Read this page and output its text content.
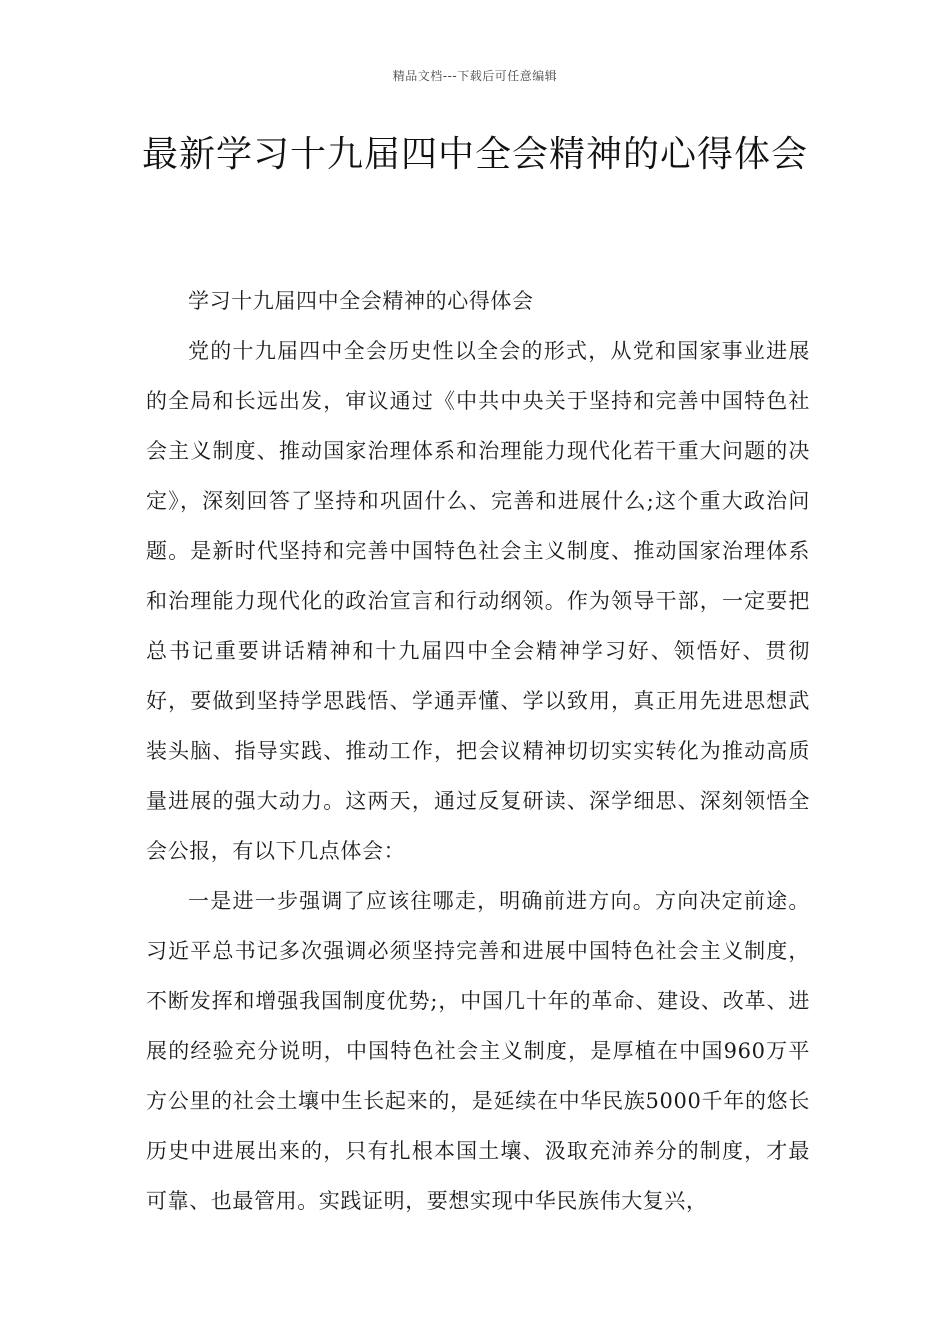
精品文档---下载后可任意编辑
最新学习十九届四中全会精神的心得体会

学习十九届四中全会精神的心得体会

党的十九届四中全会历史性以全会的形式，从党和国家事业进展的全局和长远出发，审议通过《中共中央关于坚持和完善中国特色社会主义制度、推动国家治理体系和治理能力现代化若干重大问题的决定》，深刻回答了坚持和巩固什么、完善和进展什么;这个重大政治问题。是新时代坚持和完善中国特色社会主义制度、推动国家治理体系和治理能力现代化的政治宣言和行动纲领。作为领导干部，一定要把总书记重要讲话精神和十九届四中全会精神学习好、领悟好、贯彻好，要做到坚持学思践悟、学通弄懂、学以致用，真正用先进思想武装头脑、指导实践、推动工作，把会议精神切切实实转化为推动高质量进展的强大动力。这两天，通过反复研读、深学细思、深刻领悟全会公报，有以下几点体会：

一是进一步强调了应该往哪走，明确前进方向。方向决定前途。习近平总书记多次强调必须坚持完善和进展中国特色社会主义制度，不断发挥和增强我国制度优势;，中国几十年的革命、建设、改革、进展的经验充分说明，中国特色社会主义制度，是厚植在中国960万平方公里的社会土壤中生长起来的，是延续在中华民族5000千年的悠长历史中进展出来的，只有扎根本国土壤、汲取充沛养分的制度，才最可靠、也最管用。实践证明，要想实现中华民族伟大复兴，
